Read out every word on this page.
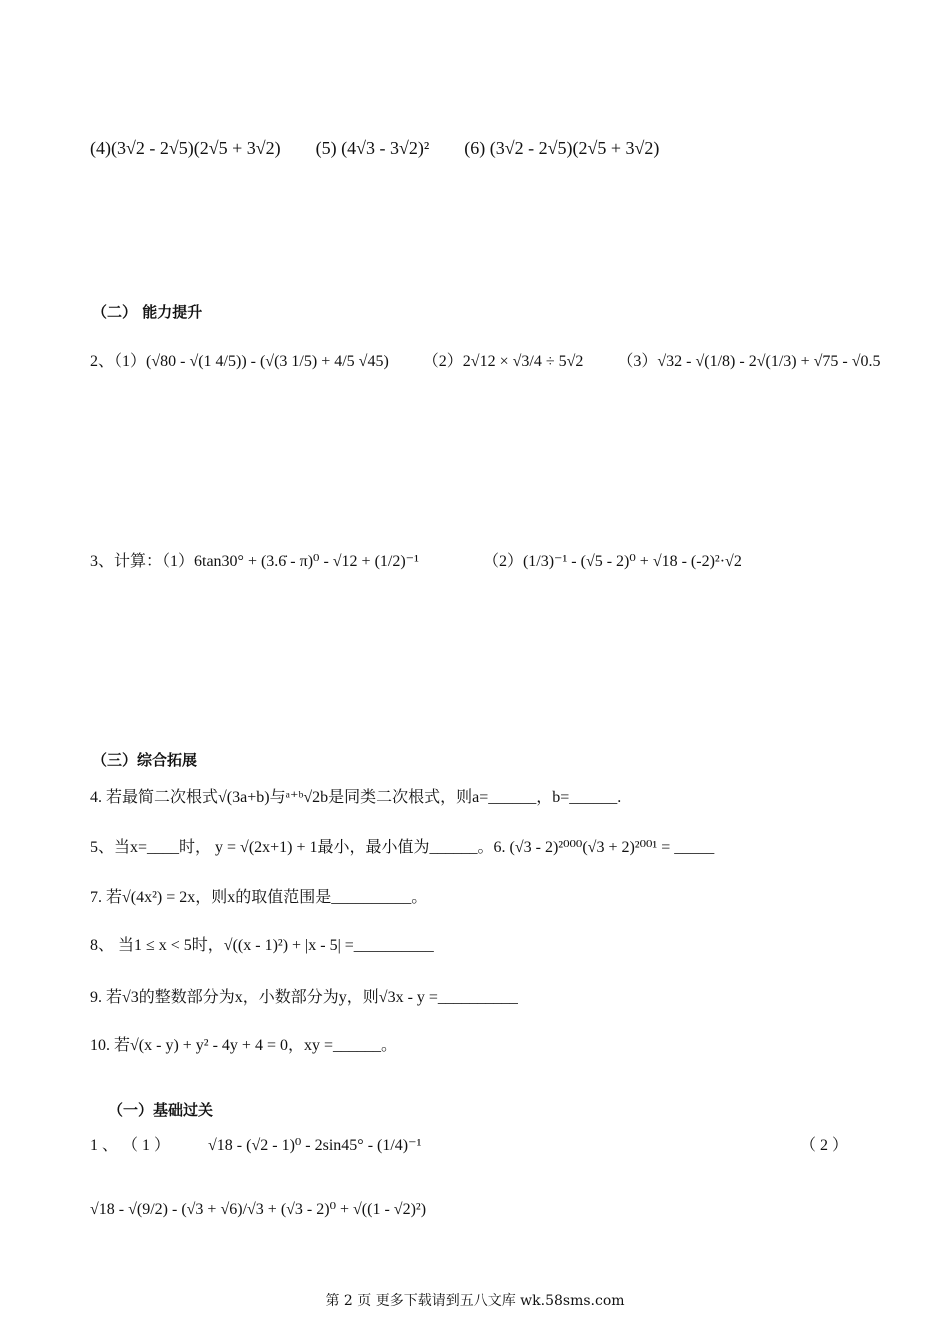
(4)(3√2 - 2√5)(2√5 + 3√2) (5) (4√3 - 3√2)² (6) (3√2 - 2√5)(2√5 + 3√2)
（二） 能力提升
2、（1）(√80 - √(1 4/5)) - (√(3 1/5) + 4/5 √45) （2）2√12 × √3/4 ÷ 5√2 （3）√32 - √(1/8) - 2√(1/3) + √75 - √0.5
3、计算：（1）6tan30° + (3.6̇ - π)⁰ - √12 + (1/2)⁻¹	（2）(1/3)⁻¹ - (√5 - 2)⁰ + √18 - (-2)²·√2
（三）综合拓展
4. 若最简二次根式√(3a+b)与ᵃ⁺ᵇ√2b是同类二次根式，则a=______，b=______.
5、当x=____时， y = √(2x+1) + 1最小，最小值为______。6. (√3 - 2)²⁰⁰⁰(√3 + 2)²⁰⁰¹ = _____
7. 若√(4x²) = 2x，则x的取值范围是__________。
8、 当1 ≤ x < 5时，√((x - 1)²) + |x - 5| =__________
9. 若√3的整数部分为x，小数部分为y，则√3x - y =__________
10. 若√(x - y) + y² - 4y + 4 = 0，xy =______。
（一）基础过关
1 、 （ 1 ） √18 - (√2 - 1)⁰ - 2sin45° - (1/4)⁻¹	（ 2 ）
√18 - √(9/2) - (√3 + √6)/√3 + (√3 - 2)⁰ + √((1 - √2)²)
第 2 页 更多下载请到五八文库 wk.58sms.com
